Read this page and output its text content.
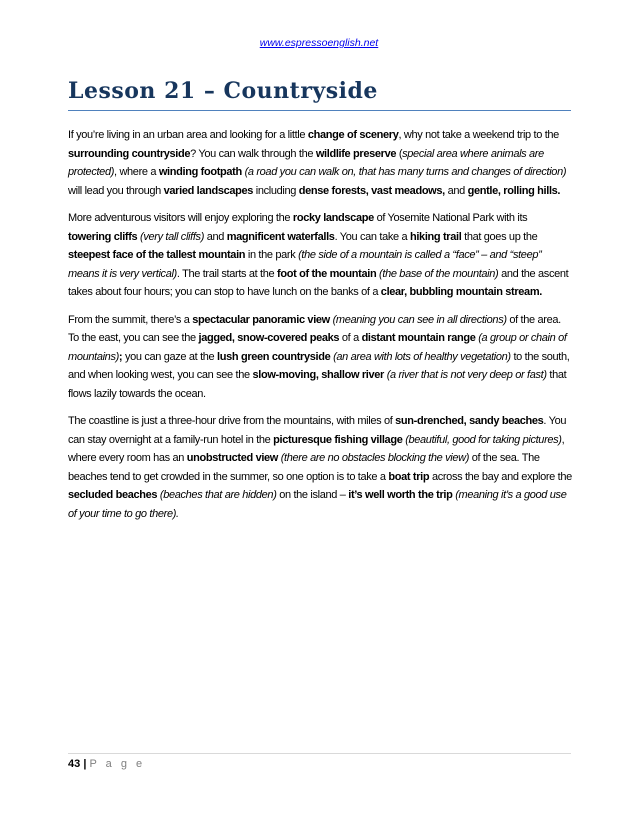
www.espressoenglish.net
Lesson 21 – Countryside

If you’re living in an urban area and looking for a little change of scenery, why not take a weekend trip to the surrounding countryside? You can walk through the wildlife preserve (special area where animals are protected), where a winding footpath (a road you can walk on, that has many turns and changes of direction) will lead you through varied landscapes including dense forests, vast meadows, and gentle, rolling hills.

More adventurous visitors will enjoy exploring the rocky landscape of Yosemite National Park with its towering cliffs (very tall cliffs) and magnificent waterfalls. You can take a hiking trail that goes up the steepest face of the tallest mountain in the park (the side of a mountain is called a “face” – and “steep” means it is very vertical). The trail starts at the foot of the mountain (the base of the mountain) and the ascent takes about four hours; you can stop to have lunch on the banks of a clear, bubbling mountain stream.

From the summit, there’s a spectacular panoramic view (meaning you can see in all directions) of the area. To the east, you can see the jagged, snow-covered peaks of a distant mountain range (a group or chain of mountains); you can gaze at the lush green countryside (an area with lots of healthy vegetation) to the south, and when looking west, you can see the slow-moving, shallow river (a river that is not very deep or fast) that flows lazily towards the ocean.

The coastline is just a three-hour drive from the mountains, with miles of sun-drenched, sandy beaches. You can stay overnight at a family-run hotel in the picturesque fishing village (beautiful, good for taking pictures), where every room has an unobstructed view (there are no obstacles blocking the view) of the sea. The beaches tend to get crowded in the summer, so one option is to take a boat trip across the bay and explore the secluded beaches (beaches that are hidden) on the island – it’s well worth the trip (meaning it’s a good use of your time to go there).

43 | P a g e
